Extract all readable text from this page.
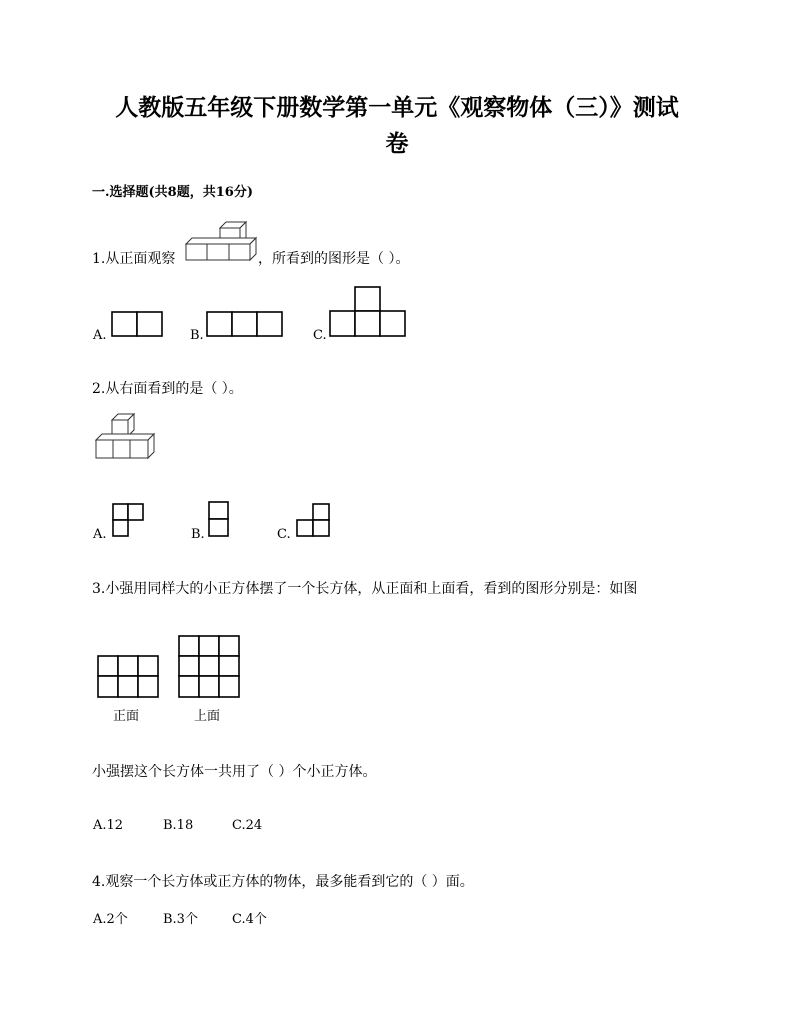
人教版五年级下册数学第一单元《观察物体（三）》测试
卷
一.选择题(共8题，共16分)
1.从正面观察	，所看到的图形是（ ）。
A.	B.	C.
2.从右面看到的是（ ）。
A.	B.	C.
3.小强用同样大的小正方体摆了一个长方体，从正面和上面看，看到的图形分别是：如图
正面	上面
小强摆这个长方体一共用了（ ）个小正方体。
A.12	B.18	C.24
4.观察一个长方体或正方体的物体，最多能看到它的（ ）面。
A.2个	B.3个	C.4个
